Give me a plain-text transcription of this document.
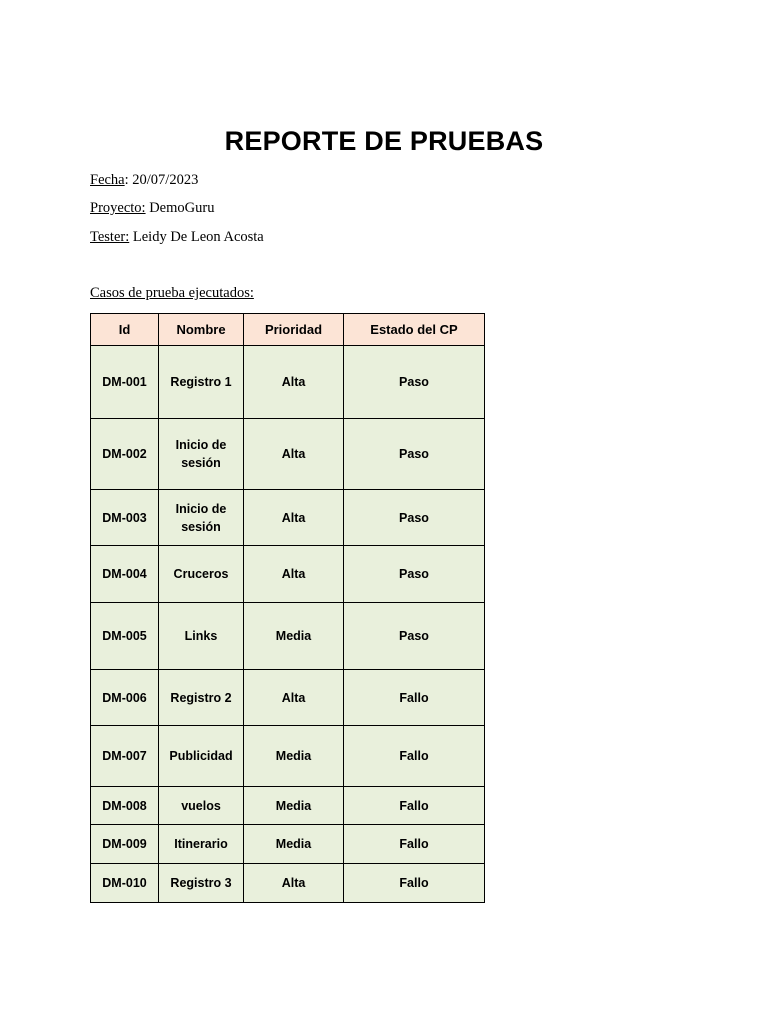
REPORTE DE PRUEBAS
Fecha: 20/07/2023
Proyecto: DemoGuru
Tester: Leidy De Leon Acosta
Casos de prueba ejecutados:
Id	Nombre	Prioridad	Estado del CP
DM-001	Registro 1	Alta	Paso
DM-002	Inicio de sesión	Alta	Paso
DM-003	Inicio de sesión	Alta	Paso
DM-004	Cruceros	Alta	Paso
DM-005	Links	Media	Paso
DM-006	Registro 2	Alta	Fallo
DM-007	Publicidad	Media	Fallo
DM-008	vuelos	Media	Fallo
DM-009	Itinerario	Media	Fallo
DM-010	Registro 3	Alta	Fallo
